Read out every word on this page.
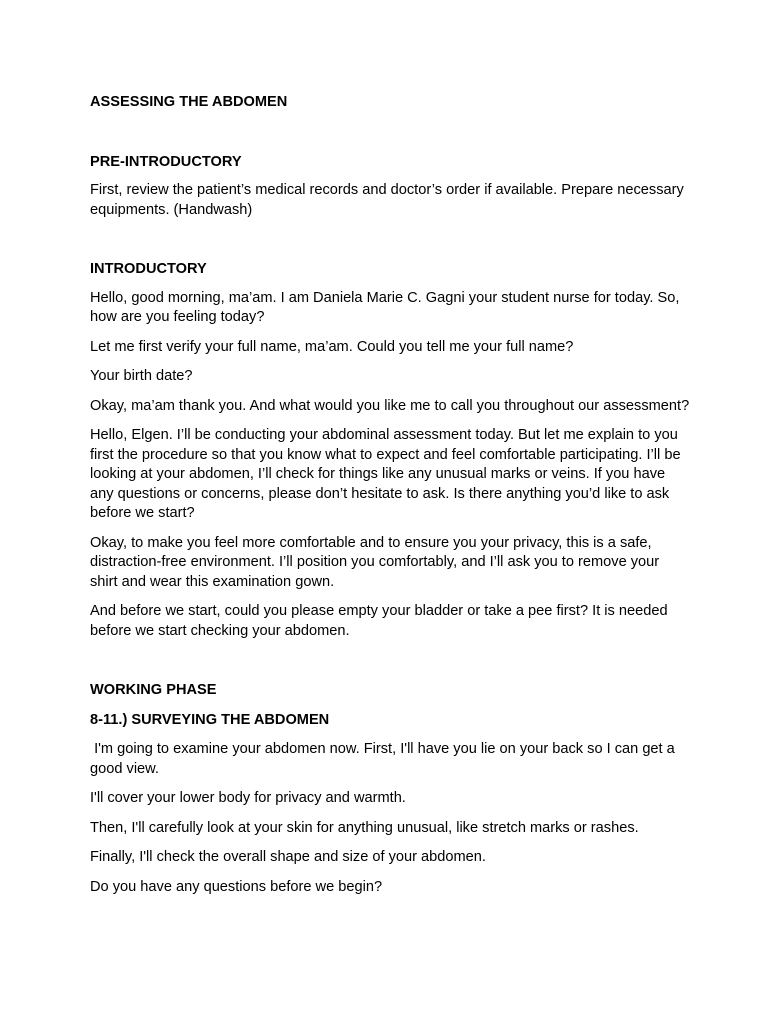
ASSESSING THE ABDOMEN
PRE-INTRODUCTORY
First, review the patient’s medical records and doctor’s order if available. Prepare necessary equipments. (Handwash)
INTRODUCTORY
Hello, good morning, ma’am. I am Daniela Marie C. Gagni your student nurse for today. So, how are you feeling today?
Let me first verify your full name, ma’am. Could you tell me your full name?
Your birth date?
Okay, ma’am thank you. And what would you like me to call you throughout our assessment?
Hello, Elgen. I’ll be conducting your abdominal assessment today. But let me explain to you first the procedure so that you know what to expect and feel comfortable participating. I’ll be looking at your abdomen, I’ll check for things like any unusual marks or veins. If you have any questions or concerns, please don’t hesitate to ask. Is there anything you’d like to ask before we start?
Okay, to make you feel more comfortable and to ensure you your privacy, this is a safe, distraction-free environment. I’ll position you comfortably, and I’ll ask you to remove your shirt and wear this examination gown.
And before we start, could you please empty your bladder or take a pee first? It is needed before we start checking your abdomen.
WORKING PHASE
8-11.) SURVEYING THE ABDOMEN
I'm going to examine your abdomen now. First, I'll have you lie on your back so I can get a good view.
I'll cover your lower body for privacy and warmth.
Then, I'll carefully look at your skin for anything unusual, like stretch marks or rashes.
Finally, I'll check the overall shape and size of your abdomen.
Do you have any questions before we begin?
